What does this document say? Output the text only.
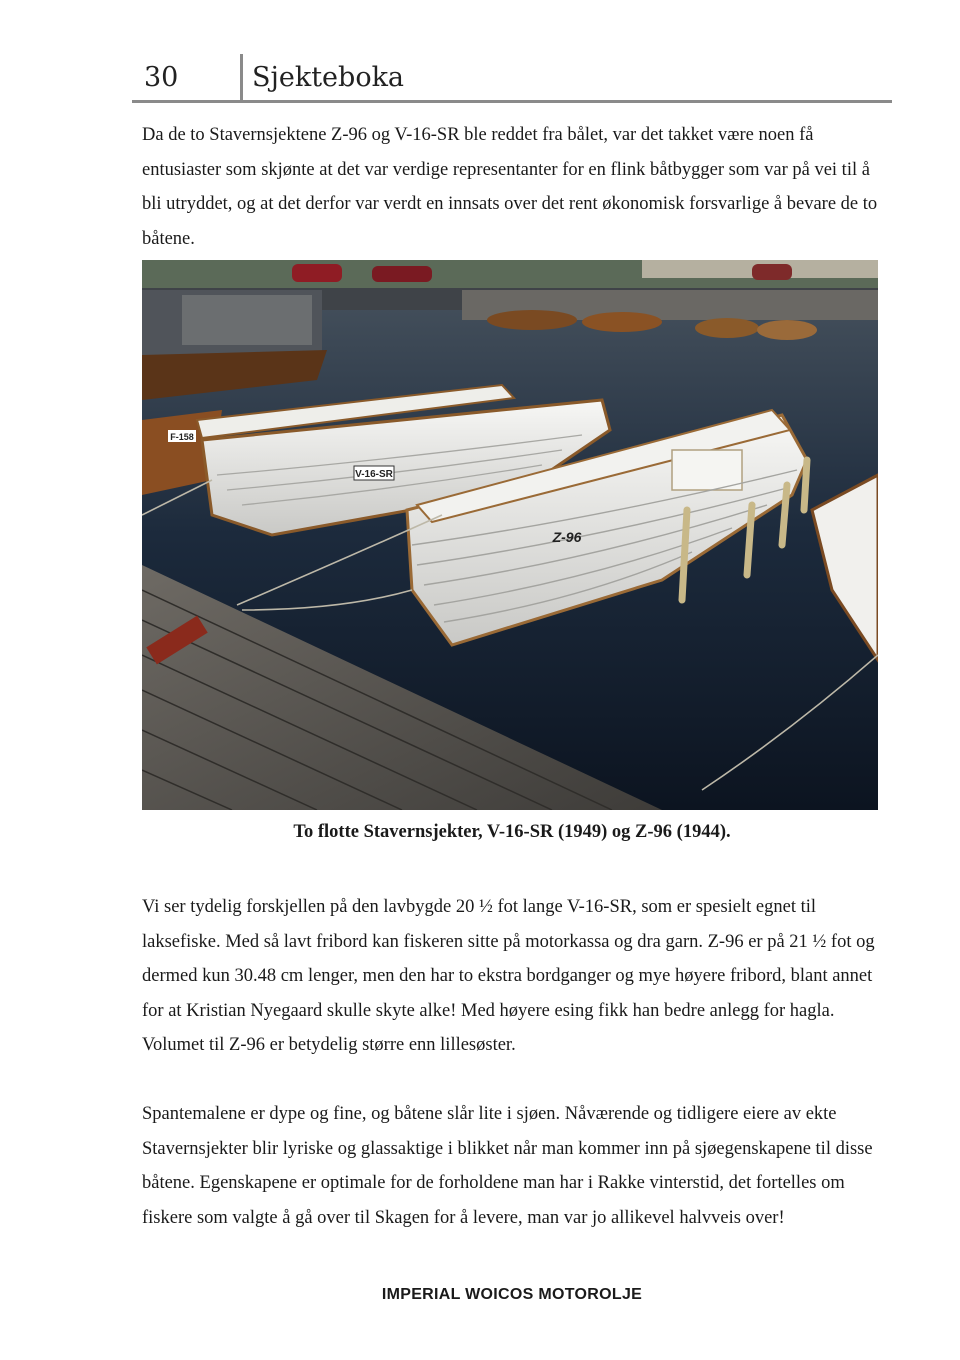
30	Sjekteboka

Da de to Stavernsjektene Z-96 og V-16-SR ble reddet fra bålet, var det takket være noen få entusiaster som skjønte at det var verdige representanter for en flink båtbygger som var på vei til å bli utryddet, og at det derfor var verdt en innsats over det rent økonomisk forsvarlige å bevare de to båtene.

V-16-SR
F-158
Z-96
To flotte Stavernsjekter, V-16-SR (1949) og Z-96 (1944).

Vi ser tydelig forskjellen på den lavbygde 20 ½ fot lange V-16-SR, som er spesielt egnet til laksefiske. Med så lavt fribord kan fiskeren sitte på motorkassa og dra garn. Z-96 er på 21 ½ fot og dermed kun 30.48 cm lenger, men den har to ekstra bordganger og mye høyere fribord, blant annet for at Kristian Nyegaard skulle skyte alke! Med høyere esing fikk han bedre anlegg for hagla. Volumet til Z-96 er betydelig større enn lillesøster.

Spantemalene er dype og fine, og båtene slår lite i sjøen. Nåværende og tidligere eiere av ekte Stavernsjekter blir lyriske og glassaktige i blikket når man kommer inn på sjøegenskapene til disse båtene. Egenskapene er optimale for de forholdene man har i Rakke vinterstid, det fortelles om fiskere som valgte å gå over til Skagen for å levere, man var jo allikevel halvveis over!

IMPERIAL WOICOS MOTOROLJE
